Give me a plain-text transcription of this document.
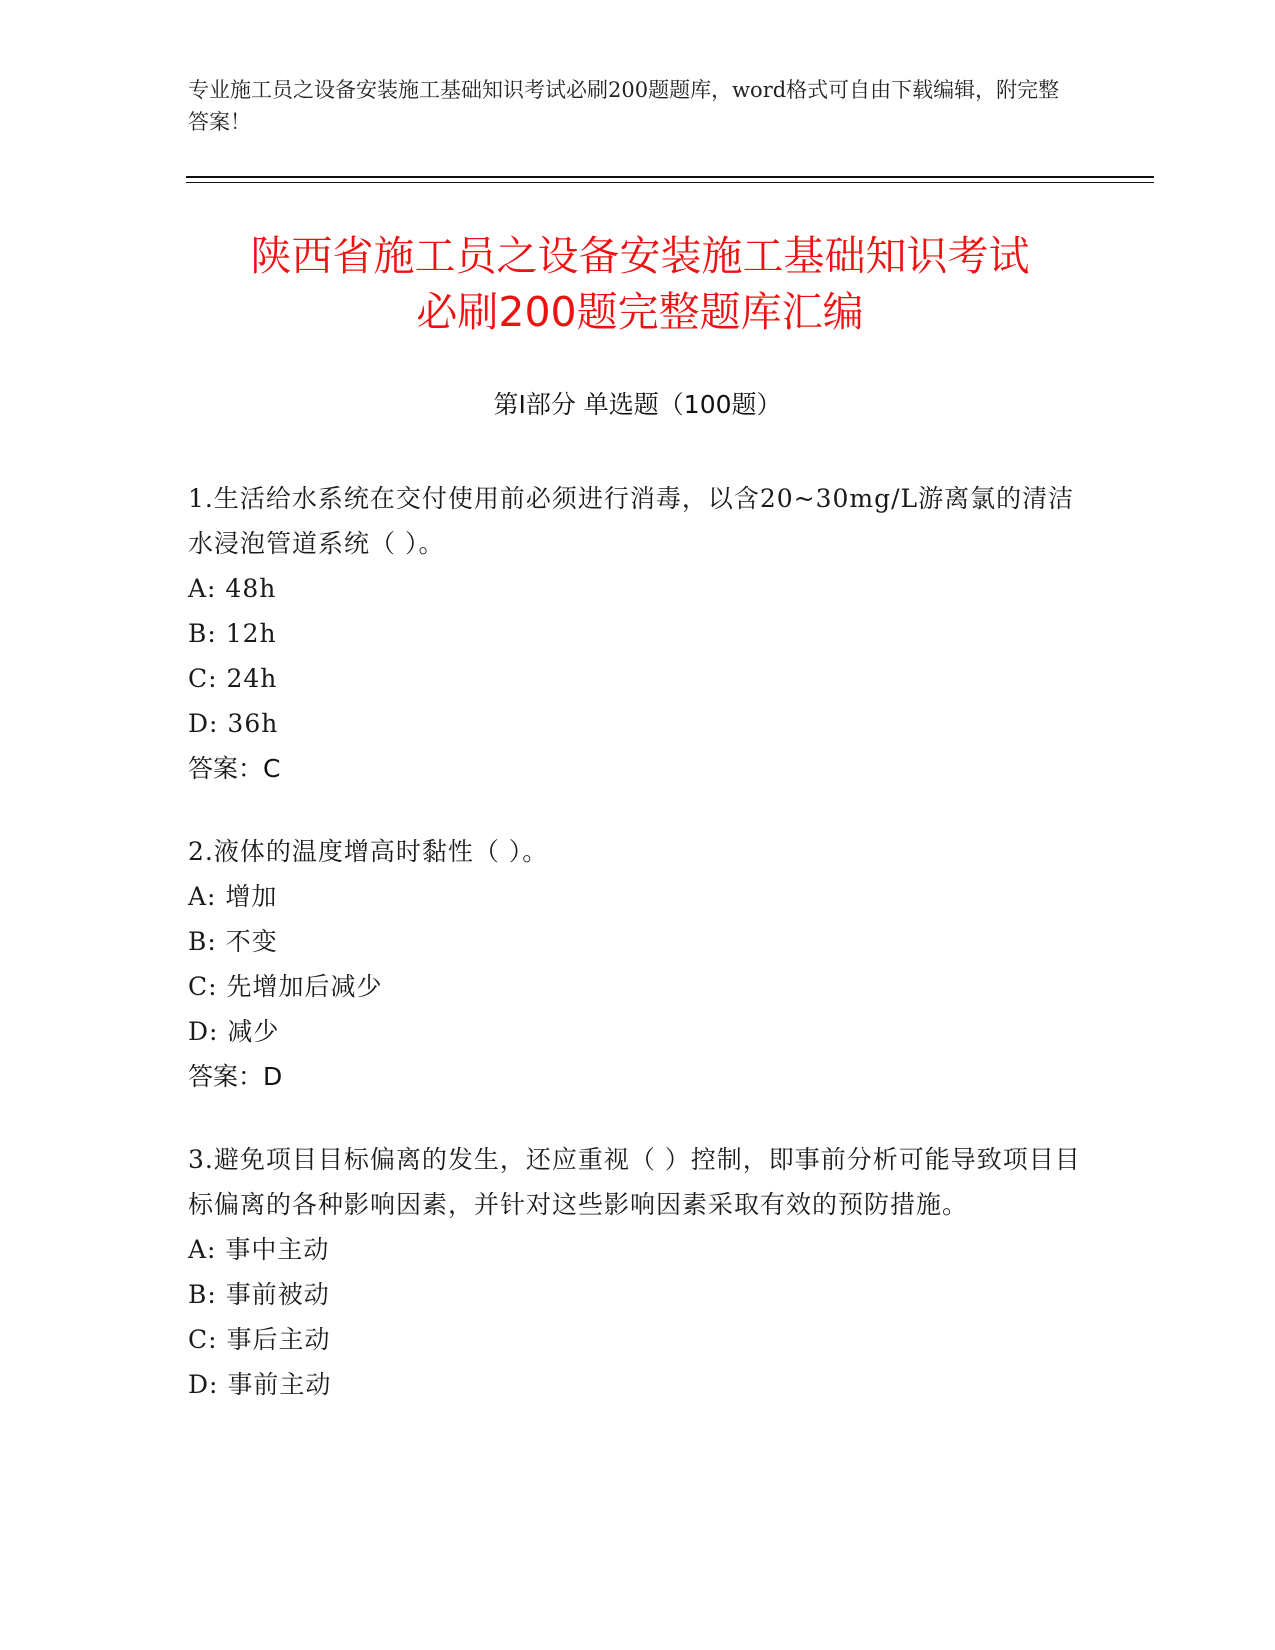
专业施工员之设备安装施工基础知识考试必刷200题题库，word格式可自由下载编辑，附完整答案！
陕西省施工员之设备安装施工基础知识考试
必刷200题完整题库汇编
第Ⅰ部分 单选题（100题）
1.生活给水系统在交付使用前必须进行消毒，以含20~30mg/L游离氯的清洁水浸泡管道系统（ ）。
A: 48h
B: 12h
C: 24h
D: 36h
答案：C
2.液体的温度增高时黏性（ ）。
A: 增加
B: 不变
C: 先增加后减少
D: 减少
答案：D
3.避免项目目标偏离的发生，还应重视（ ）控制，即事前分析可能导致项目目标偏离的各种影响因素，并针对这些影响因素采取有效的预防措施。
A: 事中主动
B: 事前被动
C: 事后主动
D: 事前主动
